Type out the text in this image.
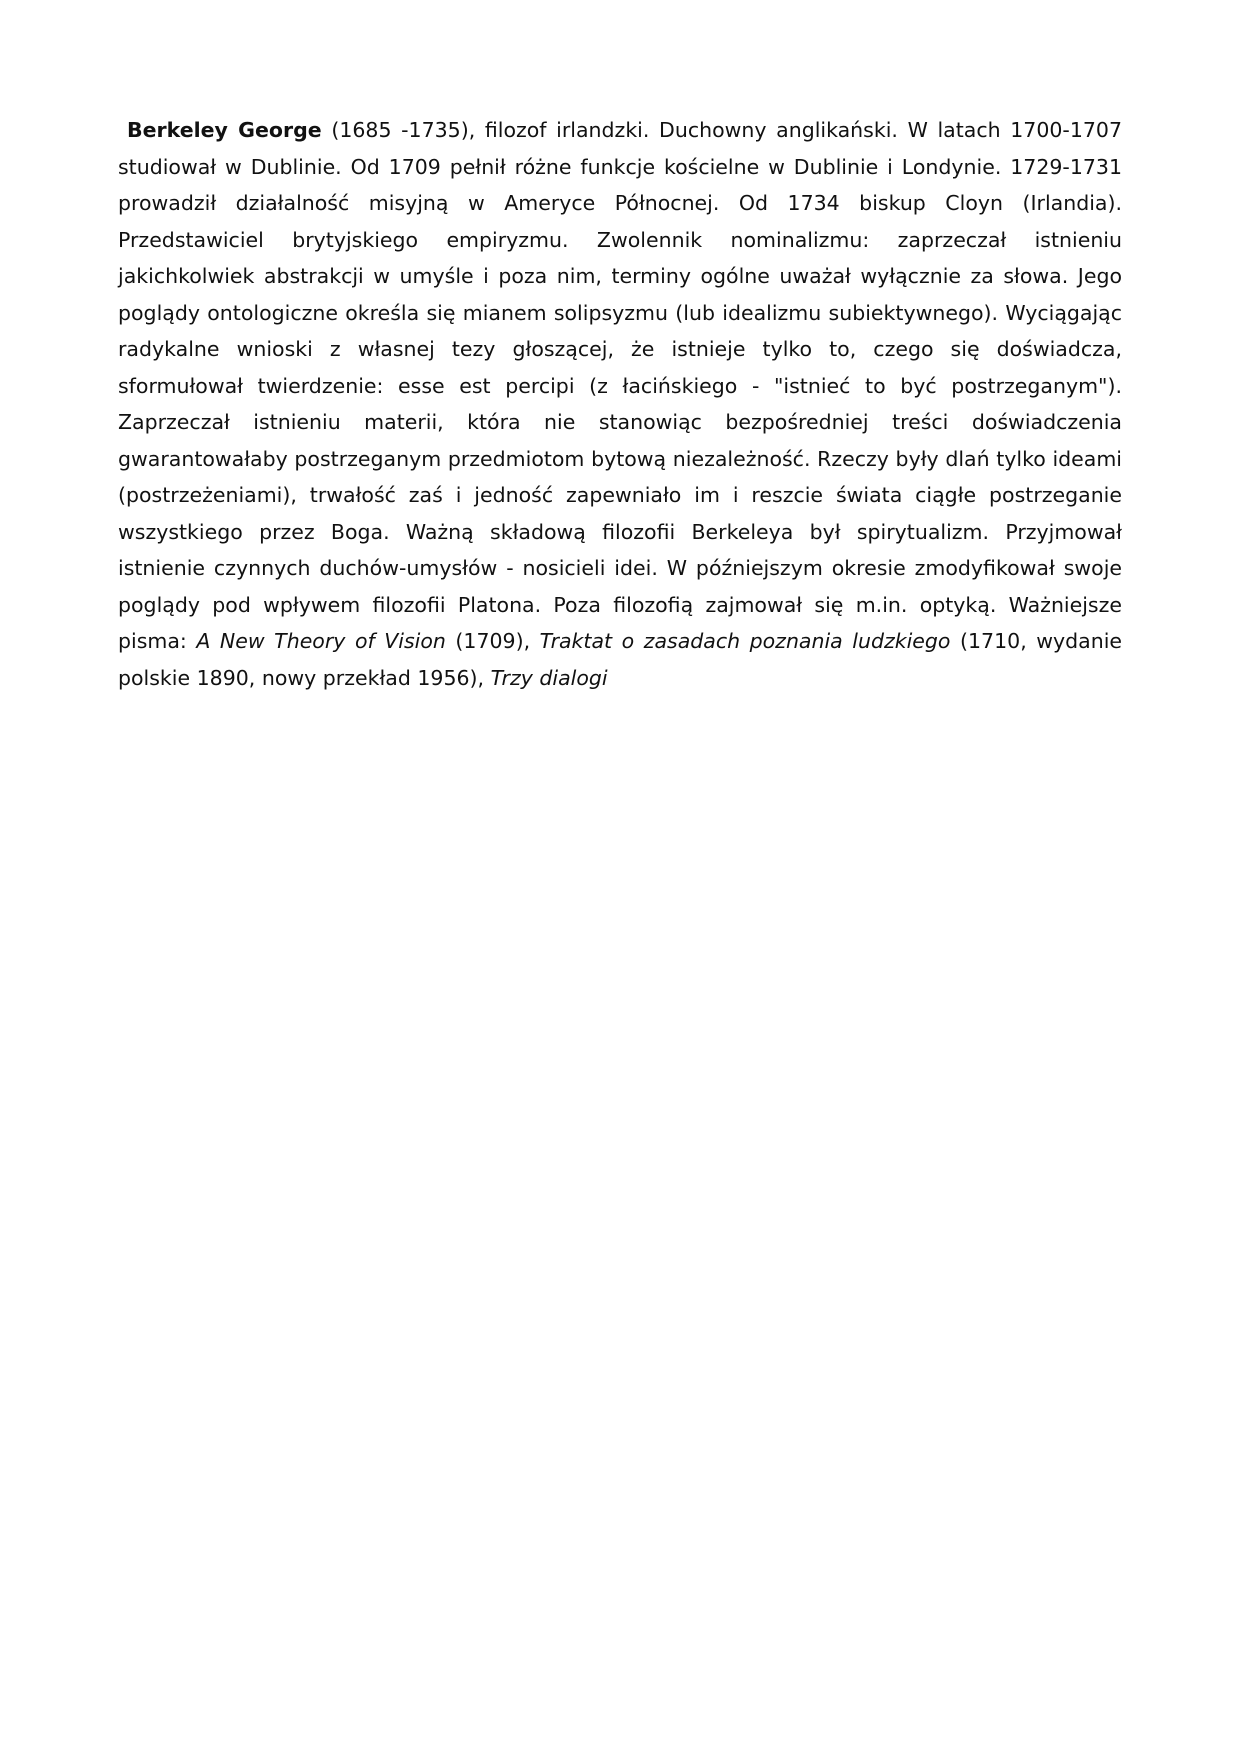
Berkeley George (1685 -1735), filozof irlandzki. Duchowny anglikański. W latach 1700-1707 studiował w Dublinie. Od 1709 pełnił różne funkcje kościelne w Dublinie i Londynie. 1729-1731 prowadził działalność misyjną w Ameryce Północnej. Od 1734 biskup Cloyn (Irlandia). Przedstawiciel brytyjskiego empiryzmu. Zwolennik nominalizmu: zaprzeczał istnieniu jakichkolwiek abstrakcji w umyśle i poza nim, terminy ogólne uważał wyłącznie za słowa. Jego poglądy ontologiczne określa się mianem solipsyzmu (lub idealizmu subiektywnego). Wyciągając radykalne wnioski z własnej tezy głoszącej, że istnieje tylko to, czego się doświadcza, sformułował twierdzenie: esse est percipi (z łacińskiego - "istnieć to być postrzeganym"). Zaprzeczał istnieniu materii, która nie stanowiąc bezpośredniej treści doświadczenia gwarantowałaby postrzeganym przedmiotom bytową niezależność. Rzeczy były dlań tylko ideami (postrzeżeniami), trwałość zaś i jedność zapewniało im i reszcie świata ciągłe postrzeganie wszystkiego przez Boga. Ważną składową filozofii Berkeleya był spirytualizm. Przyjmował istnienie czynnych duchów-umysłów - nosicieli idei. W późniejszym okresie zmodyfikował swoje poglądy pod wpływem filozofii Platona. Poza filozofią zajmował się m.in. optyką. Ważniejsze pisma: A New Theory of Vision (1709), Traktat o zasadach poznania ludzkiego (1710, wydanie polskie 1890, nowy przekład 1956), Trzy dialogi
